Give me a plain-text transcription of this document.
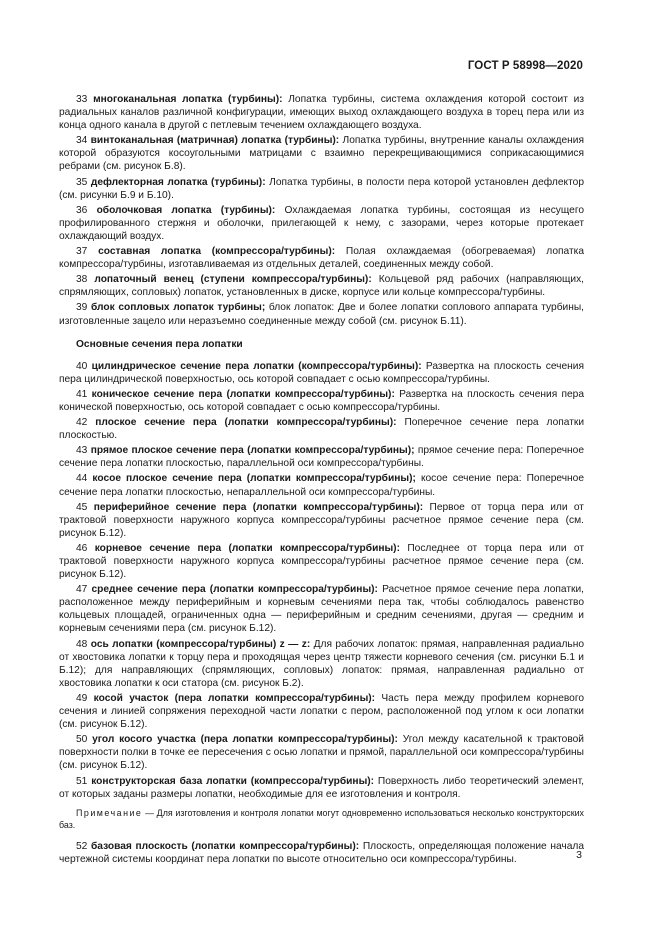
ГОСТ Р 58998—2020

33 многоканальная лопатка (турбины): Лопатка турбины, система охлаждения которой состоит из радиальных каналов различной конфигурации, имеющих выход охлаждающего воздуха в торец пера или из конца одного канала в другой с петлевым течением охлаждающего воздуха.

34 винтоканальная (матричная) лопатка (турбины): Лопатка турбины, внутренние каналы охлаждения которой образуются косоугольными матрицами с взаимно перекрещивающимися соприкасающимися ребрами (см. рисунок Б.8).

35 дефлекторная лопатка (турбины): Лопатка турбины, в полости пера которой установлен дефлектор (см. рисунки Б.9 и Б.10).

36 оболочковая лопатка (турбины): Охлаждаемая лопатка турбины, состоящая из несущего профилированного стержня и оболочки, прилегающей к нему, с зазорами, через которые протекает охлаждающий воздух.

37 составная лопатка (компрессора/турбины): Полая охлаждаемая (обогреваемая) лопатка компрессора/турбины, изготавливаемая из отдельных деталей, соединенных между собой.

38 лопаточный венец (ступени компрессора/турбины): Кольцевой ряд рабочих (направляющих, спрямляющих, сопловых) лопаток, установленных в диске, корпусе или кольце компрессора/турбины.

39 блок сопловых лопаток турбины; блок лопаток: Две и более лопатки соплового аппарата турбины, изготовленные зацело или неразъемно соединенные между собой (см. рисунок Б.11).

Основные сечения пера лопатки

40 цилиндрическое сечение пера лопатки (компрессора/турбины): Развертка на плоскость сечения пера цилиндрической поверхностью, ось которой совпадает с осью компрессора/турбины.

41 коническое сечение пера (лопатки компрессора/турбины): Развертка на плоскость сечения пера конической поверхностью, ось которой совпадает с осью компрессора/турбины.

42 плоское сечение пера (лопатки компрессора/турбины): Поперечное сечение пера лопатки плоскостью.

43 прямое плоское сечение пера (лопатки компрессора/турбины); прямое сечение пера: Поперечное сечение пера лопатки плоскостью, параллельной оси компрессора/турбины.

44 косое плоское сечение пера (лопатки компрессора/турбины); косое сечение пера: Поперечное сечение пера лопатки плоскостью, непараллельной оси компрессора/турбины.

45 периферийное сечение пера (лопатки компрессора/турбины): Первое от торца пера или от трактовой поверхности наружного корпуса компрессора/турбины расчетное прямое сечение пера (см. рисунок Б.12).

46 корневое сечение пера (лопатки компрессора/турбины): Последнее от торца пера или от трактовой поверхности наружного корпуса компрессора/турбины расчетное прямое сечение пера (см. рисунок Б.12).

47 среднее сечение пера (лопатки компрессора/турбины): Расчетное прямое сечение пера лопатки, расположенное между периферийным и корневым сечениями пера так, чтобы соблюдалось равенство кольцевых площадей, ограниченных одна — периферийным и средним сечениями, другая — средним и корневым сечениями пера (см. рисунок Б.12).

48 ось лопатки (компрессора/турбины) z — z: Для рабочих лопаток: прямая, направленная радиально от хвостовика лопатки к торцу пера и проходящая через центр тяжести корневого сечения (см. рисунки Б.1 и Б.12); для направляющих (спрямляющих, сопловых) лопаток: прямая, направленная радиально от хвостовика лопатки к оси статора (см. рисунок Б.2).

49 косой участок (пера лопатки компрессора/турбины): Часть пера между профилем корневого сечения и линией сопряжения переходной части лопатки с пером, расположенной под углом к оси лопатки (см. рисунок Б.12).

50 угол косого участка (пера лопатки компрессора/турбины): Угол между касательной к трактовой поверхности полки в точке ее пересечения с осью лопатки и прямой, параллельной оси компрессора/турбины (см. рисунок Б.12).

51 конструкторская база лопатки (компрессора/турбины): Поверхность либо теоретический элемент, от которых заданы размеры лопатки, необходимые для ее изготовления и контроля.

Примечание — Для изготовления и контроля лопатки могут одновременно использоваться несколько конструкторских баз.

52 базовая плоскость (лопатки компрессора/турбины): Плоскость, определяющая положение начала чертежной системы координат пера лопатки по высоте относительно оси компрессора/турбины.	3
